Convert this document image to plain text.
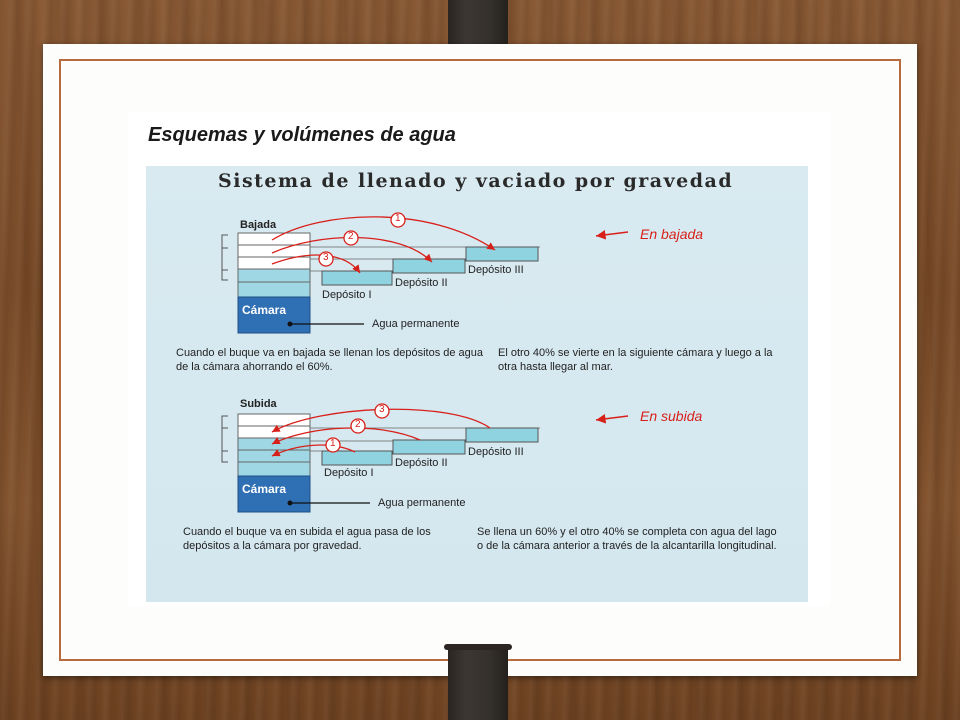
Esquemas y volúmenes de agua
Sistema de llenado y vaciado por gravedad
Bajada
Cámara
1
2
3
Depósito I
Depósito II
Depósito III
Agua permanente
En bajada
Cuando el buque va en bajada se llenan los depósitos de agua de la cámara ahorrando el 60%.
El otro 40% se vierte en la siguiente cámara y luego a la otra hasta llegar al mar.
Subida
Cámara
1
2
3
Depósito I
Depósito II
Depósito III
Agua permanente
En subida
Cuando el buque va en subida el agua pasa de los depósitos a la cámara por gravedad.
Se llena un 60% y el otro 40% se completa con agua del lago o de la cámara anterior a través de la alcantarilla longitudinal.
